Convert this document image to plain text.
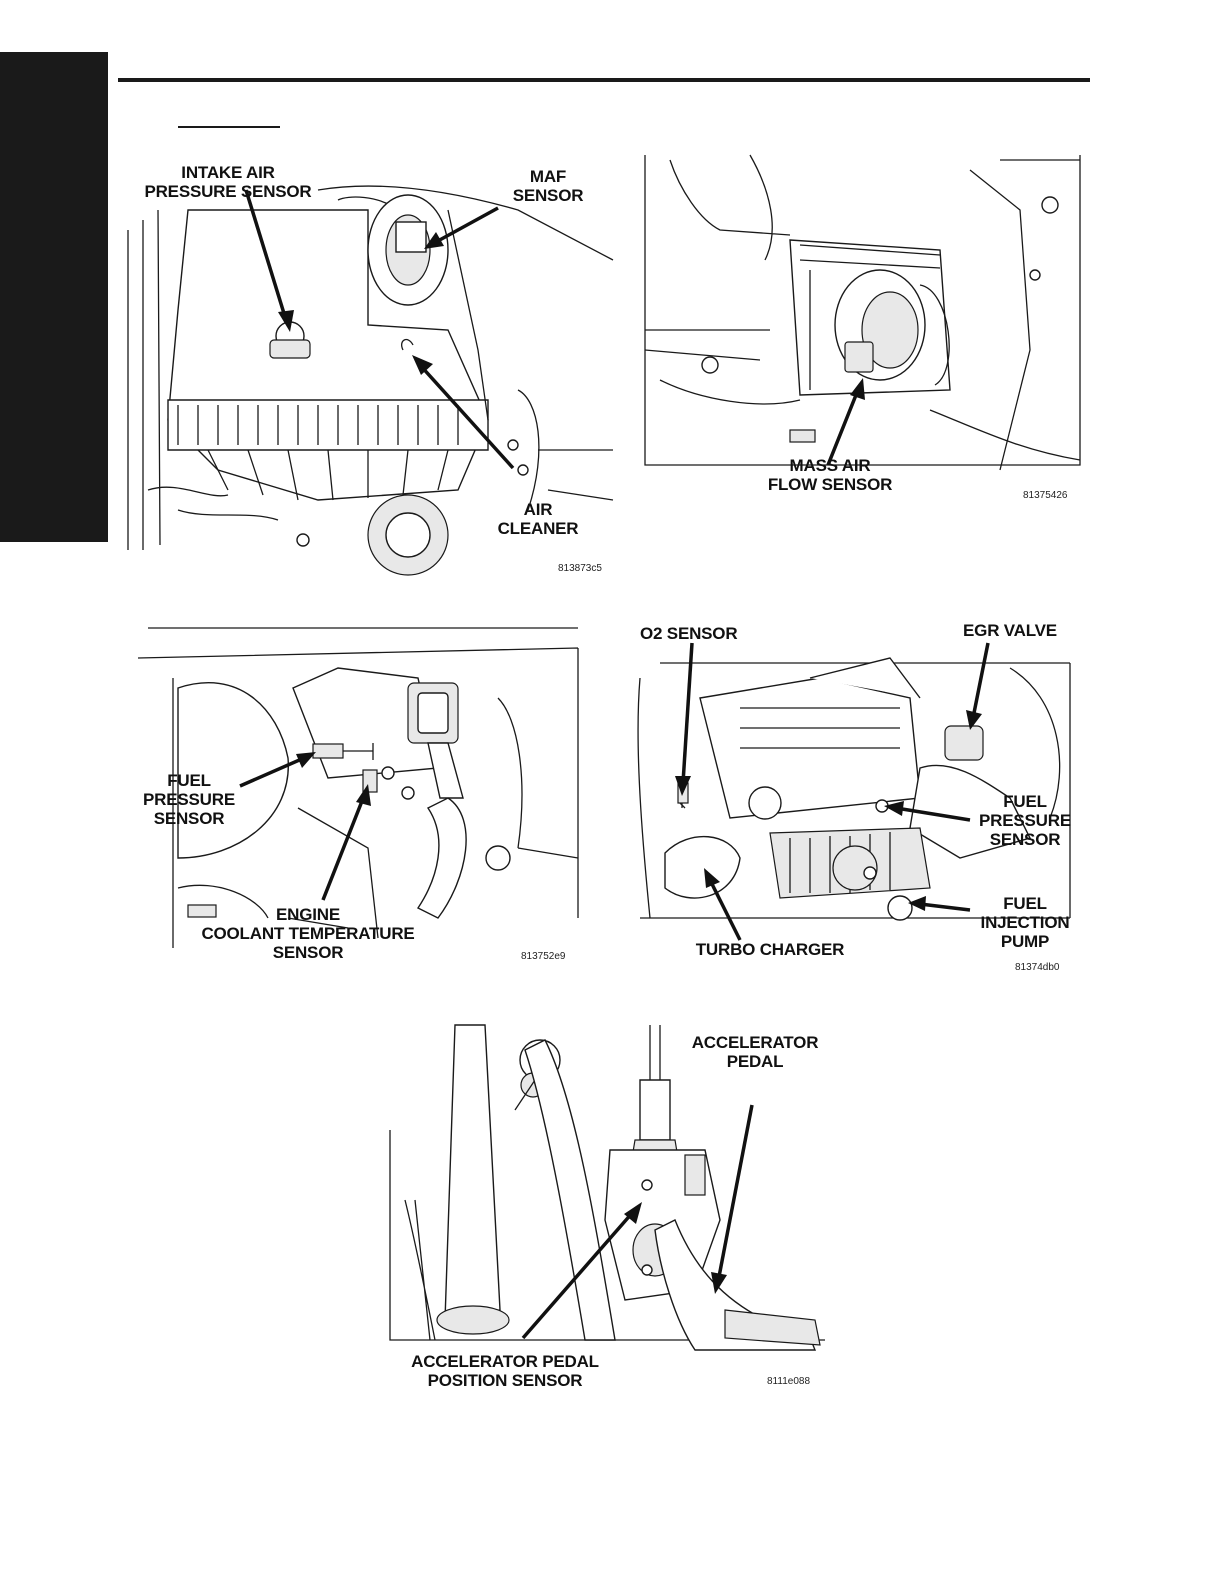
INTAKE AIR
PRESSURE SENSOR
MAF
SENSOR
AIR
CLEANER
813873c5
MASS AIR
FLOW SENSOR
81375426
FUEL
PRESSURE
SENSOR
ENGINE
COOLANT TEMPERATURE
SENSOR	813752e9
O2 SENSOR	EGR VALVE
FUEL
PRESSURE
SENSOR
FUEL
INJECTION
PUMP
TURBO CHARGER
81374db0
ACCELERATOR
PEDAL
ACCELERATOR PEDAL
POSITION SENSOR	8111e088
